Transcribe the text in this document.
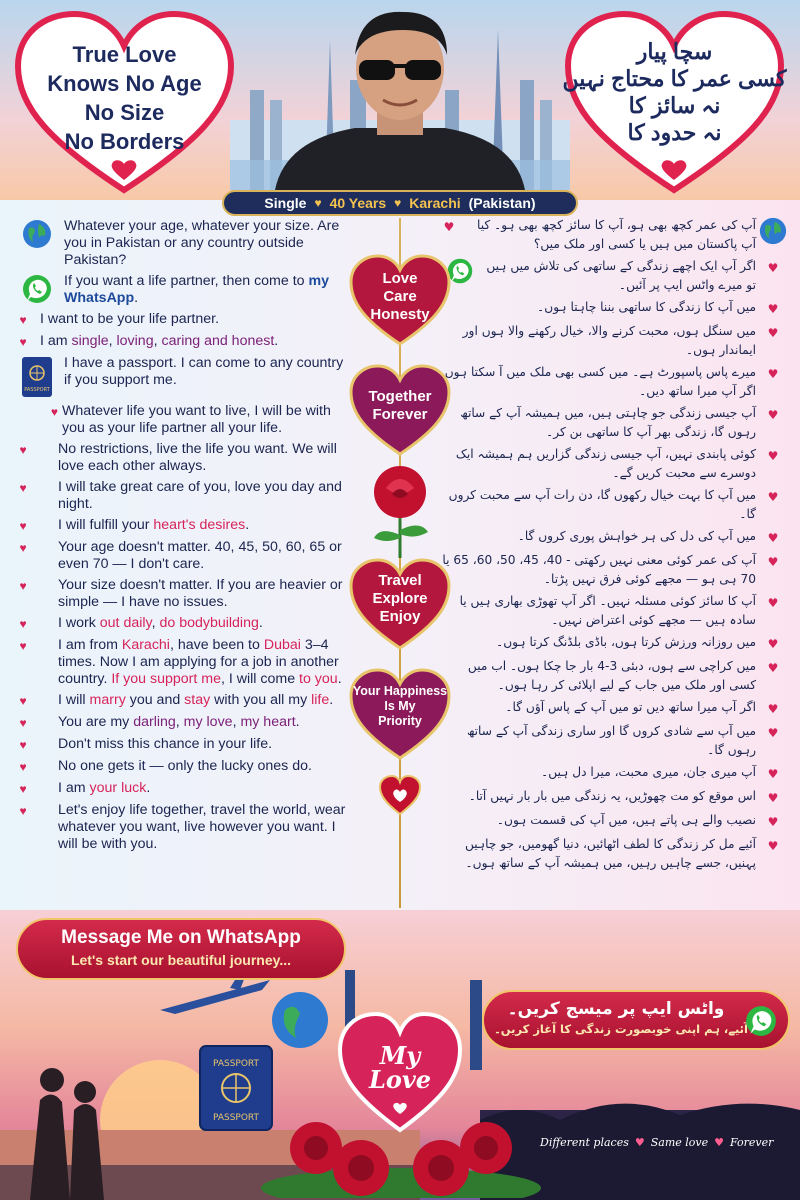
True Love
Knows No Age
No Size
No Borders
سچا پیار
کسی عمر کا محتاج نہیں
نہ سائز کا
نہ حدود کا
Single ♥ 40 Years ♥ Karachi (Pakistan)
Whatever your age, whatever your size. Are you in Pakistan or any country outside Pakistan?
If you want a life partner, then come to my WhatsApp.
♥ I want to be your life partner.
♥ I am single, loving, caring and honest.
PASSPORT
I have a passport. I can come to any country if you support me.
♥ Whatever life you want to live, I will be with you as your life partner all your life.
♥	No restrictions, live the life you want. We will love each other always.
♥	I will take great care of you, love you day and night.
♥	I will fulfill your heart's desires.
♥	Your age doesn't matter. 40, 45, 50, 60, 65 or even 70 — I don't care.
♥	Your size doesn't matter. If you are heavier or simple — I have no issues.
♥	I work out daily, do bodybuilding.
♥	I am from Karachi, have been to Dubai 3–4 times. Now I am applying for a job in another country. If you support me, I will come to you.
♥	I will marry you and stay with you all my life.
♥	You are my darling, my love, my heart.
♥	Don't miss this chance in your life.
♥	No one gets it — only the lucky ones do.
♥	I am your luck.
♥	Let's enjoy life together, travel the world, wear whatever you want, live however you want. I will be with you.
آپ کی عمر کچھ بھی ہو، آپ کا سائز کچھ بھی ہو۔ کیا آپ پاکستان میں ہیں یا کسی اور ملک میں؟
♥
♥
اگر آپ ایک اچھے زندگی کے ساتھی کی تلاش میں ہیں تو میرے واٹس ایپ پر آئیں۔
♥
میں آپ کا زندگی کا ساتھی بننا چاہتا ہوں۔
♥
میں سنگل ہوں، محبت کرنے والا، خیال رکھنے والا ہوں اور ایماندار ہوں۔
♥
میرے پاس پاسپورٹ ہے۔ میں کسی بھی ملک میں آ سکتا ہوں اگر آپ میرا ساتھ دیں۔
♥
آپ جیسی زندگی جو چاہتی ہیں، میں ہمیشہ آپ کے ساتھ رہوں گا، زندگی بھر آپ کا ساتھی بن کر۔
♥
کوئی پابندی نہیں، آپ جیسی زندگی گزاریں ہم ہمیشہ ایک دوسرے سے محبت کریں گے۔
♥
میں آپ کا بہت خیال رکھوں گا، دن رات آپ سے محبت کروں گا۔
♥
میں آپ کی دل کی ہر خواہش پوری کروں گا۔
♥
آپ کی عمر کوئی معنی نہیں رکھتی - 40، 45، 50، 60، 65 یا 70 ہی ہو — مجھے کوئی فرق نہیں پڑتا۔
♥
آپ کا سائز کوئی مسئلہ نہیں۔ اگر آپ تھوڑی بھاری ہیں یا سادہ ہیں — مجھے کوئی اعتراض نہیں۔
♥
میں روزانہ ورزش کرتا ہوں، باڈی بلڈنگ کرتا ہوں۔
♥
میں کراچی سے ہوں، دبئی 3-4 بار جا چکا ہوں۔ اب میں کسی اور ملک میں جاب کے لیے اپلائی کر رہا ہوں۔
♥
اگر آپ میرا ساتھ دیں تو میں آپ کے پاس آؤں گا۔
♥
میں آپ سے شادی کروں گا اور ساری زندگی آپ کے ساتھ رہوں گا۔
♥
آپ میری جان، میری محبت، میرا دل ہیں۔
♥
اس موقع کو مت چھوڑیں، یہ زندگی میں بار بار نہیں آتا۔
♥
نصیب والے ہی پاتے ہیں، میں آپ کی قسمت ہوں۔
♥
آئیے مل کر زندگی کا لطف اٹھائیں، دنیا گھومیں، جو چاہیں پہنیں، جسے چاہیں رہیں، میں ہمیشہ آپ کے ساتھ ہوں۔
Love
Care
Honesty
Together
Forever
Travel
Explore
Enjoy
Your Happiness
Is My
Priority
PASSPORT
PASSPORT
Message Me on WhatsApp
Let's start our beautiful journey...
واٹس ایپ پر میسج کریں۔
آئیے، ہم اپنی خوبصورت زندگی کا آغاز کریں۔
My
Love
Different places ♥ Same love ♥ Forever
